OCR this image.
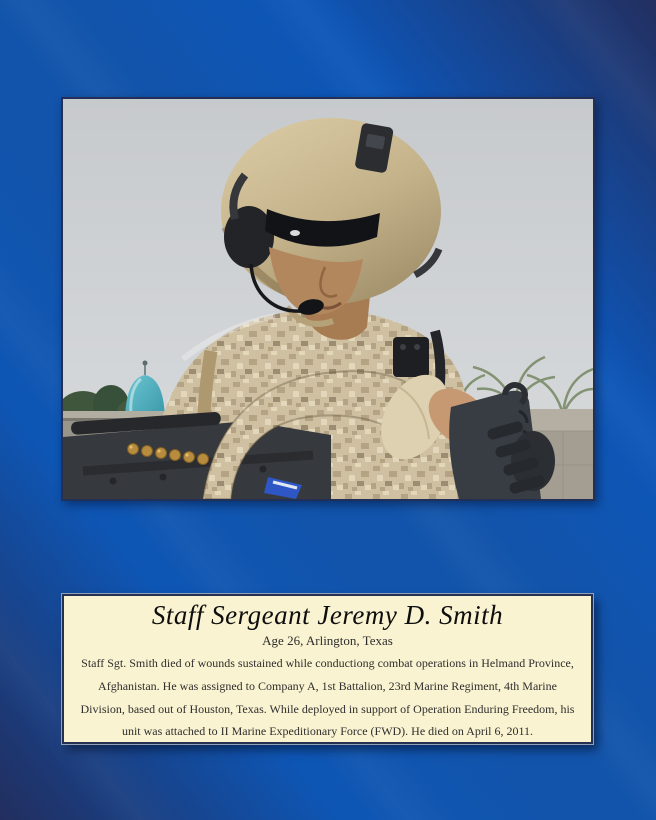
Staff Sergeant Jeremy D. Smith
Age 26, Arlington, Texas
Staff Sgt. Smith died of wounds sustained while conductiong combat operations in Helmand Province, Afghanistan. He was assigned to Company A, 1st Battalion, 23rd Marine Regiment, 4th Marine Division, based out of Houston, Texas. While deployed in support of Operation Enduring Freedom, his unit was attached to II Marine Expeditionary Force (FWD). He died on April 6, 2011.
